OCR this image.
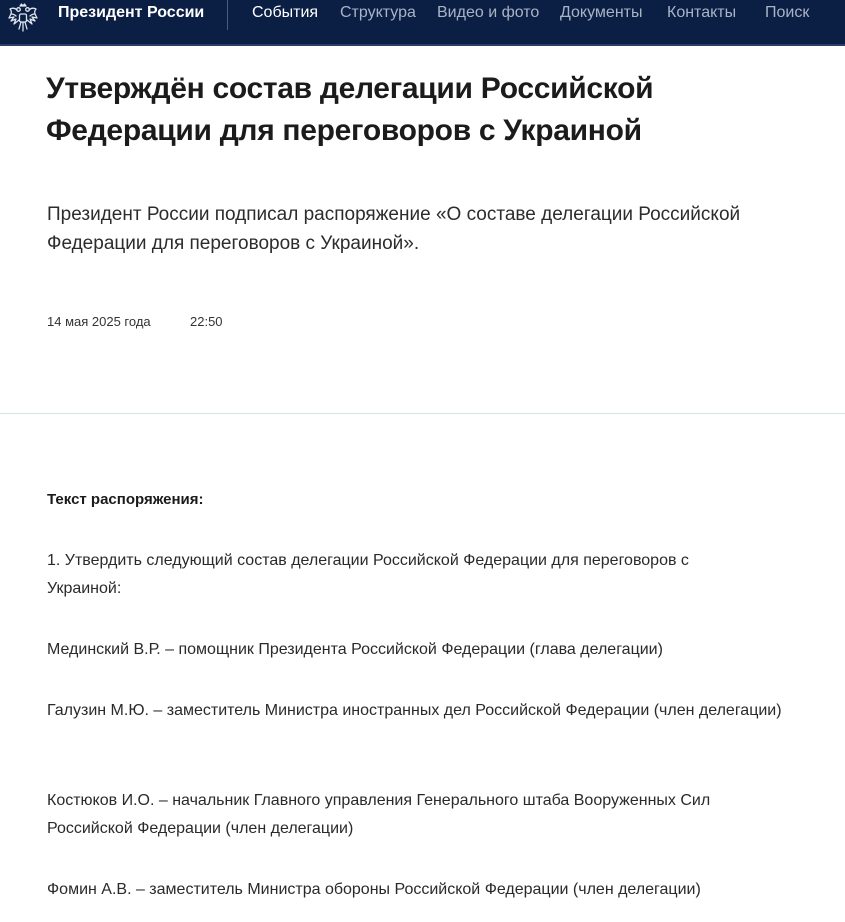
Президент России	События Структура Видео и фото Документы Контакты Поиск
Утверждён состав делегации Российской Федерации для переговоров с Украиной

Президент России подписал распоряжение «О составе делегации Российской Федерации для переговоров с Украиной».

14 мая 2025 года	22:50
Текст распоряжения:

1. Утвердить следующий состав делегации Российской Федерации для переговоров с Украиной:

Мединский В.Р. – помощник Президента Российской Федерации (глава делегации)

Галузин М.Ю. – заместитель Министра иностранных дел Российской Федерации (член делегации)

Костюков И.О. – начальник Главного управления Генерального штаба Вооруженных Сил Российской Федерации (член делегации)

Фомин А.В. – заместитель Министра обороны Российской Федерации (член делегации)
